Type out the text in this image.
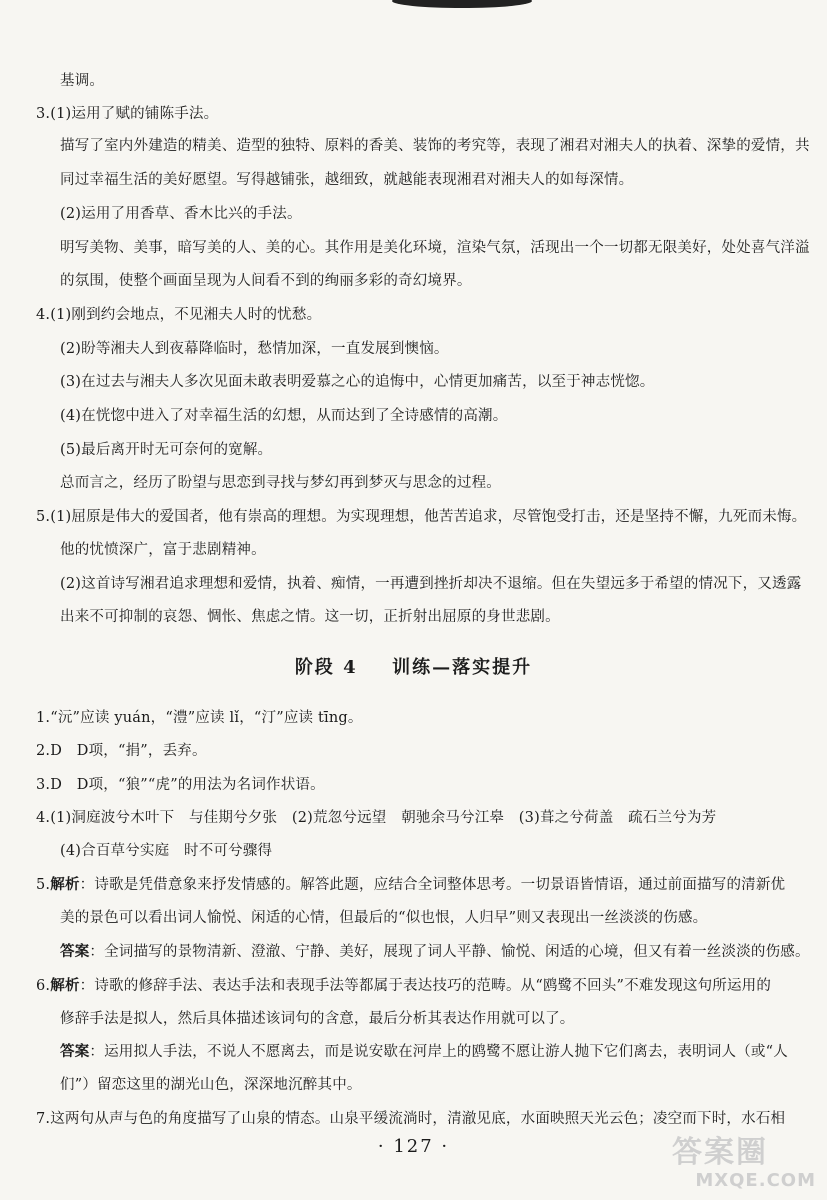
基调。
3.(1)运用了赋的铺陈手法。
描写了室内外建造的精美、造型的独特、原料的香美、装饰的考究等，表现了湘君对湘夫人的执着、深挚的爱情，共
同过幸福生活的美好愿望。写得越铺张，越细致，就越能表现湘君对湘夫人的如每深情。
(2)运用了用香草、香木比兴的手法。
明写美物、美事，暗写美的人、美的心。其作用是美化环境，渲染气氛，活现出一个一切都无限美好，处处喜气洋溢
的氛围，使整个画面呈现为人间看不到的绚丽多彩的奇幻境界。
4.(1)刚到约会地点，不见湘夫人时的忧愁。
(2)盼等湘夫人到夜幕降临时，愁情加深，一直发展到懊恼。
(3)在过去与湘夫人多次见面未敢表明爱慕之心的追悔中，心情更加痛苦，以至于神志恍惚。
(4)在恍惚中进入了对幸福生活的幻想，从而达到了全诗感情的高潮。
(5)最后离开时无可奈何的宽解。
总而言之，经历了盼望与思恋到寻找与梦幻再到梦灭与思念的过程。
5.(1)屈原是伟大的爱国者，他有崇高的理想。为实现理想，他苦苦追求，尽管饱受打击，还是坚持不懈，九死而未悔。
他的忧愤深广，富于悲剧精神。
(2)这首诗写湘君追求理想和爱情，执着、痴情，一再遭到挫折却决不退缩。但在失望远多于希望的情况下，又透露
出来不可抑制的哀怨、惆怅、焦虑之情。这一切，正折射出屈原的身世悲剧。
阶段 4 训练—落实提升
1.“沅”应读 yuán，“澧”应读 lǐ，“汀”应读 tīng。
2.D　D项，“捐”，丢弃。
3.D　D项，“狼”“虎”的用法为名词作状语。
4.(1)洞庭波兮木叶下　与佳期兮夕张　(2)荒忽兮远望　朝驰余马兮江皋　(3)葺之兮荷盖　疏石兰兮为芳
(4)合百草兮实庭　时不可兮骤得
5.解析：诗歌是凭借意象来抒发情感的。解答此题，应结合全词整体思考。一切景语皆情语，通过前面描写的清新优
美的景色可以看出词人愉悦、闲适的心情，但最后的“似也恨，人归早”则又表现出一丝淡淡的伤感。
答案：全词描写的景物清新、澄澈、宁静、美好，展现了词人平静、愉悦、闲适的心境，但又有着一丝淡淡的伤感。
6.解析：诗歌的修辞手法、表达手法和表现手法等都属于表达技巧的范畴。从“鸥鹭不回头”不难发现这句所运用的
修辞手法是拟人，然后具体描述该词句的含意，最后分析其表达作用就可以了。
答案：运用拟人手法，不说人不愿离去，而是说安歇在河岸上的鸥鹭不愿让游人抛下它们离去，表明词人（或“人
们”）留恋这里的湖光山色，深深地沉醉其中。
7.这两句从声与色的角度描写了山泉的情态。山泉平缓流淌时，清澈见底，水面映照天光云色；凌空而下时，水石相
· 127 ·	答案圈
MXQE.COM
